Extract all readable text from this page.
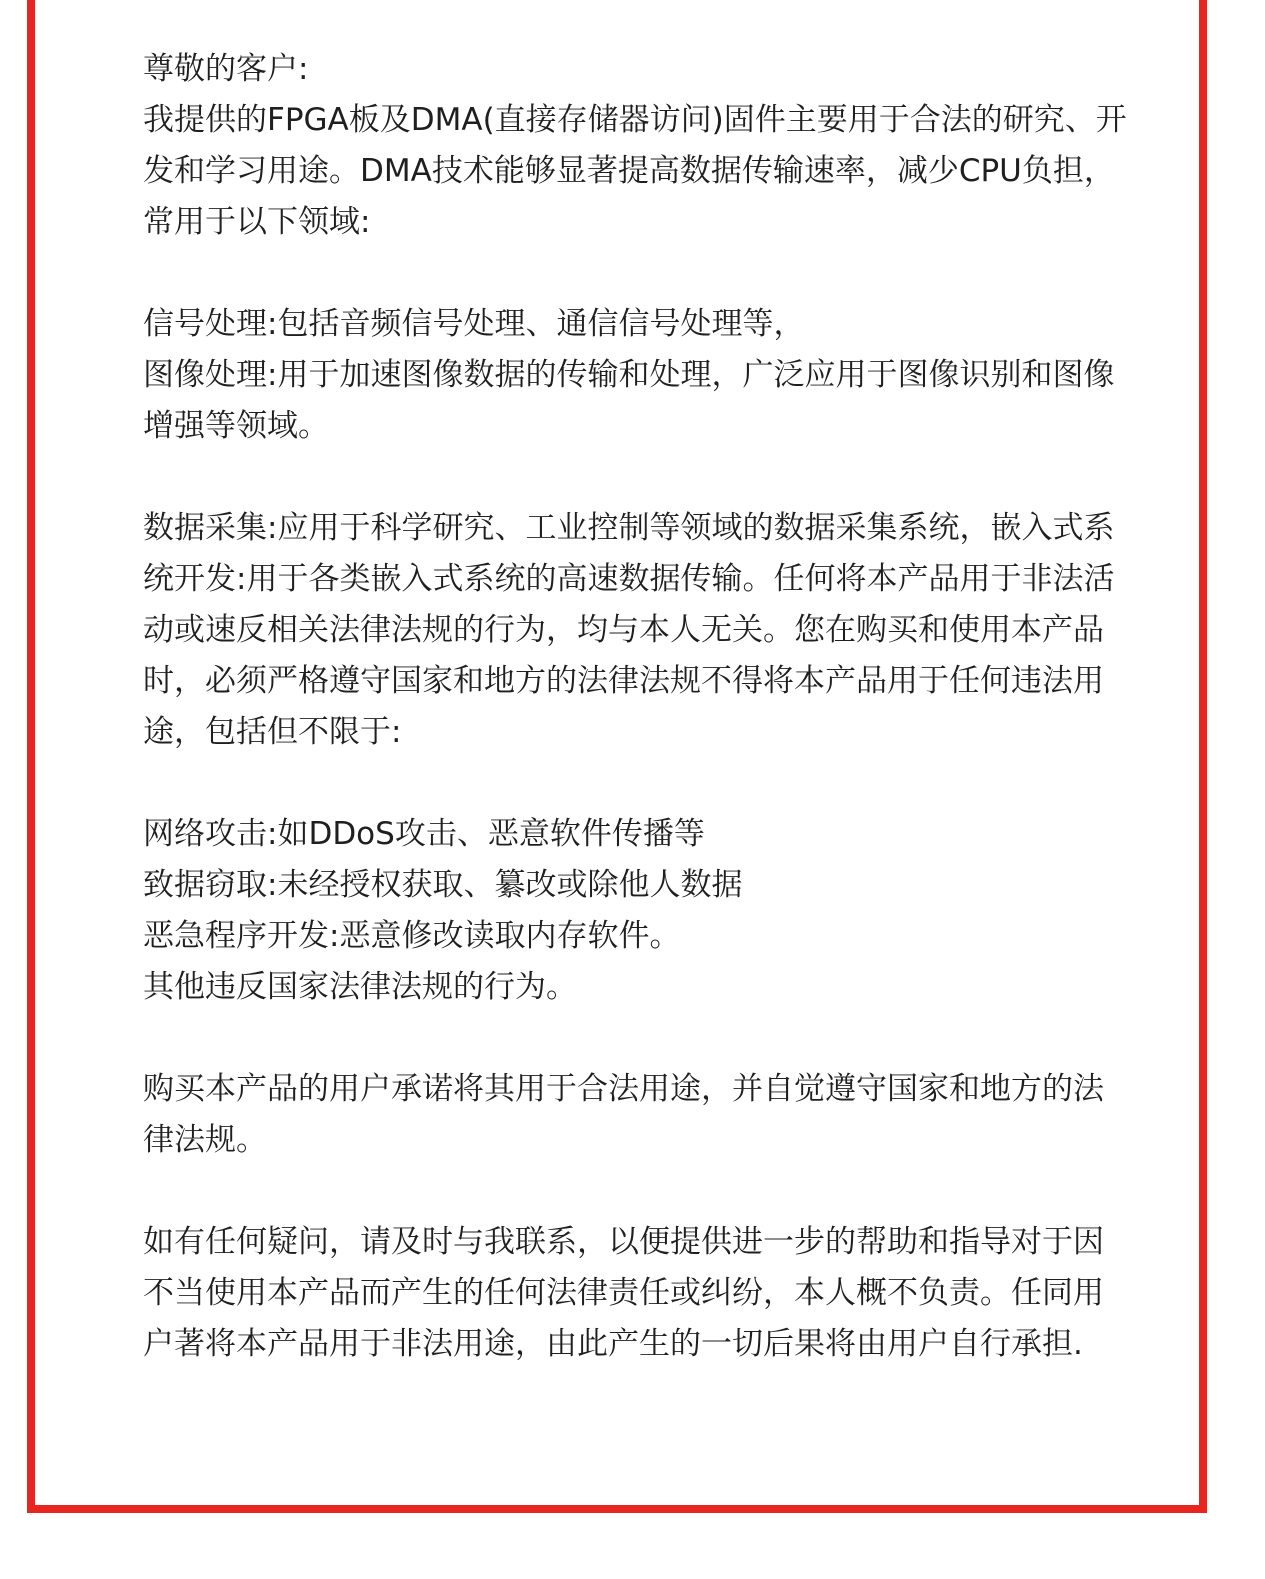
尊敬的客户:

我提供的FPGA板及DMA(直接存储器访问)固件主要用于合法的研究、开发和学习用途。DMA技术能够显著提高数据传输速率，减少CPU负担，常用于以下领域:

信号处理:包括音频信号处理、通信信号处理等，

图像处理:用于加速图像数据的传输和处理，广泛应用于图像识别和图像增强等领域。

数据采集:应用于科学研究、工业控制等领域的数据采集系统，嵌入式系统开发:用于各类嵌入式系统的高速数据传输。任何将本产品用于非法活动或速反相关法律法规的行为，均与本人无关。您在购买和使用本产品时，必须严格遵守国家和地方的法律法规不得将本产品用于任何违法用途，包括但不限于:

网络攻击:如DDoS攻击、恶意软件传播等

致据窃取:未经授权获取、纂改或除他人数据

恶急程序开发:恶意修改读取内存软件。

其他违反国家法律法规的行为。

购买本产品的用户承诺将其用于合法用途，并自觉遵守国家和地方的法律法规。

如有任何疑问，请及时与我联系，以便提供进一步的帮助和指导对于因不当使用本产品而产生的任何法律责任或纠纷，本人概不负责。任同用户著将本产品用于非法用途，由此产生的一切后果将由用户自行承担.
